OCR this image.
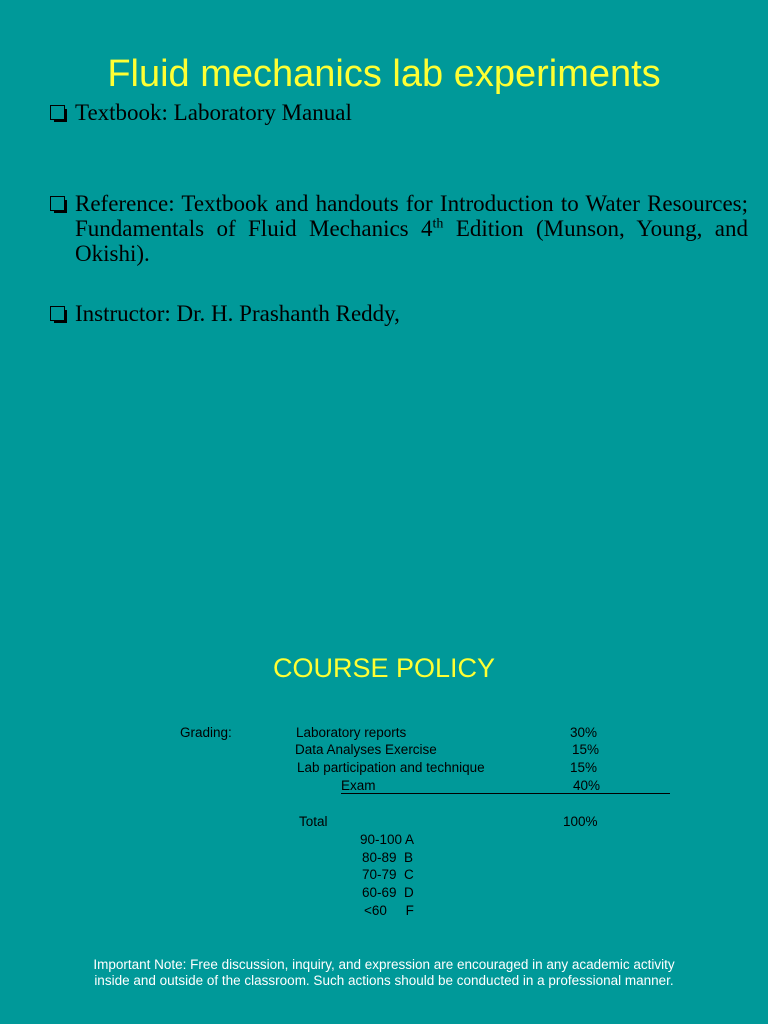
Fluid mechanics lab experiments
Textbook: Laboratory Manual
Reference: Textbook and handouts for Introduction to Water Resources; Fundamentals of Fluid Mechanics 4th Edition (Munson, Young, and Okishi).
Instructor: Dr. H. Prashanth Reddy,
COURSE POLICY
Grading:	Laboratory reports	30%
Data Analyses Exercise	15%
Lab participation and technique	15%
Exam	40%
Total	100%
90-100 A
80-89  B
70-79  C
60-69  D
<60     F
Important Note: Free discussion, inquiry, and expression are encouraged in any academic activity
inside and outside of the classroom. Such actions should be conducted in a professional manner.
